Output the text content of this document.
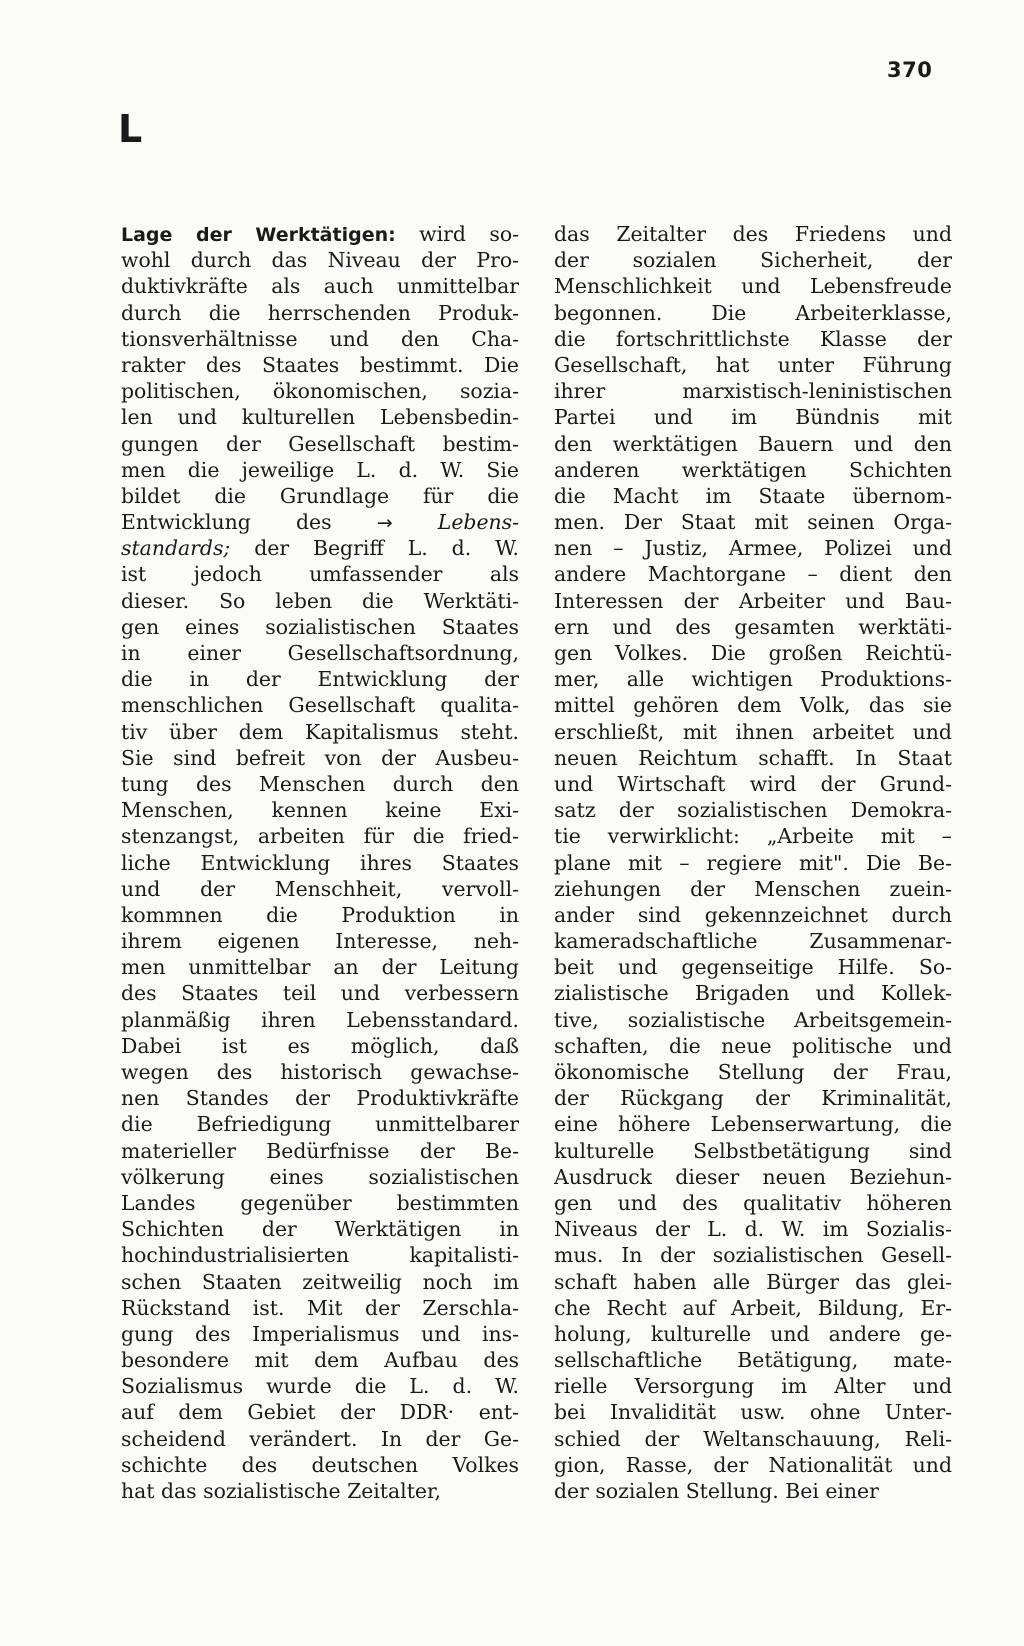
370
L
Lage der Werktätigen: wird so-
wohl durch das Niveau der Pro-
duktivkräfte als auch unmittelbar
durch die herrschenden Produk-
tionsverhältnisse und den Cha-
rakter des Staates bestimmt. Die
politischen, ökonomischen, sozia-
len und kulturellen Lebensbedin-
gungen der Gesellschaft bestim-
men die jeweilige L. d. W. Sie
bildet die Grundlage für die
Entwicklung des → Lebens-
standards; der Begriff L. d. W.
ist jedoch umfassender als
dieser. So leben die Werktäti-
gen eines sozialistischen Staates
in einer Gesellschaftsordnung,
die in der Entwicklung der
menschlichen Gesellschaft qualita-
tiv über dem Kapitalismus steht.
Sie sind befreit von der Ausbeu-
tung des Menschen durch den
Menschen, kennen keine Exi-
stenzangst, arbeiten für die fried-
liche Entwicklung ihres Staates
und der Menschheit, vervoll-
kommnen die Produktion in
ihrem eigenen Interesse, neh-
men unmittelbar an der Leitung
des Staates teil und verbessern
planmäßig ihren Lebensstandard.
Dabei ist es möglich, daß
wegen des historisch gewachse-
nen Standes der Produktivkräfte
die Befriedigung unmittelbarer
materieller Bedürfnisse der Be-
völkerung eines sozialistischen
Landes gegenüber bestimmten
Schichten der Werktätigen in
hochindustrialisierten kapitalisti-
schen Staaten zeitweilig noch im
Rückstand ist. Mit der Zerschla-
gung des Imperialismus und ins-
besondere mit dem Aufbau des
Sozialismus wurde die L. d. W.
auf dem Gebiet der DDR· ent-
scheidend verändert. In der Ge-
schichte des deutschen Volkes
hat das sozialistische Zeitalter,
das Zeitalter des Friedens und
der sozialen Sicherheit, der
Menschlichkeit und Lebensfreude
begonnen. Die Arbeiterklasse,
die fortschrittlichste Klasse der
Gesellschaft, hat unter Führung
ihrer marxistisch-leninistischen
Partei und im Bündnis mit
den werktätigen Bauern und den
anderen werktätigen Schichten
die Macht im Staate übernom-
men. Der Staat mit seinen Orga-
nen – Justiz, Armee, Polizei und
andere Machtorgane – dient den
Interessen der Arbeiter und Bau-
ern und des gesamten werktäti-
gen Volkes. Die großen Reichtü-
mer, alle wichtigen Produktions-
mittel gehören dem Volk, das sie
erschließt, mit ihnen arbeitet und
neuen Reichtum schafft. In Staat
und Wirtschaft wird der Grund-
satz der sozialistischen Demokra-
tie verwirklicht: „Arbeite mit –
plane mit – regiere mit". Die Be-
ziehungen der Menschen zuein-
ander sind gekennzeichnet durch
kameradschaftliche Zusammenar-
beit und gegenseitige Hilfe. So-
zialistische Brigaden und Kollek-
tive, sozialistische Arbeitsgemein-
schaften, die neue politische und
ökonomische Stellung der Frau,
der Rückgang der Kriminalität,
eine höhere Lebenserwartung, die
kulturelle Selbstbetätigung sind
Ausdruck dieser neuen Beziehun-
gen und des qualitativ höheren
Niveaus der L. d. W. im Sozialis-
mus. In der sozialistischen Gesell-
schaft haben alle Bürger das glei-
che Recht auf Arbeit, Bildung, Er-
holung, kulturelle und andere ge-
sellschaftliche Betätigung, mate-
rielle Versorgung im Alter und
bei Invalidität usw. ohne Unter-
schied der Weltanschauung, Reli-
gion, Rasse, der Nationalität und
der sozialen Stellung. Bei einer
